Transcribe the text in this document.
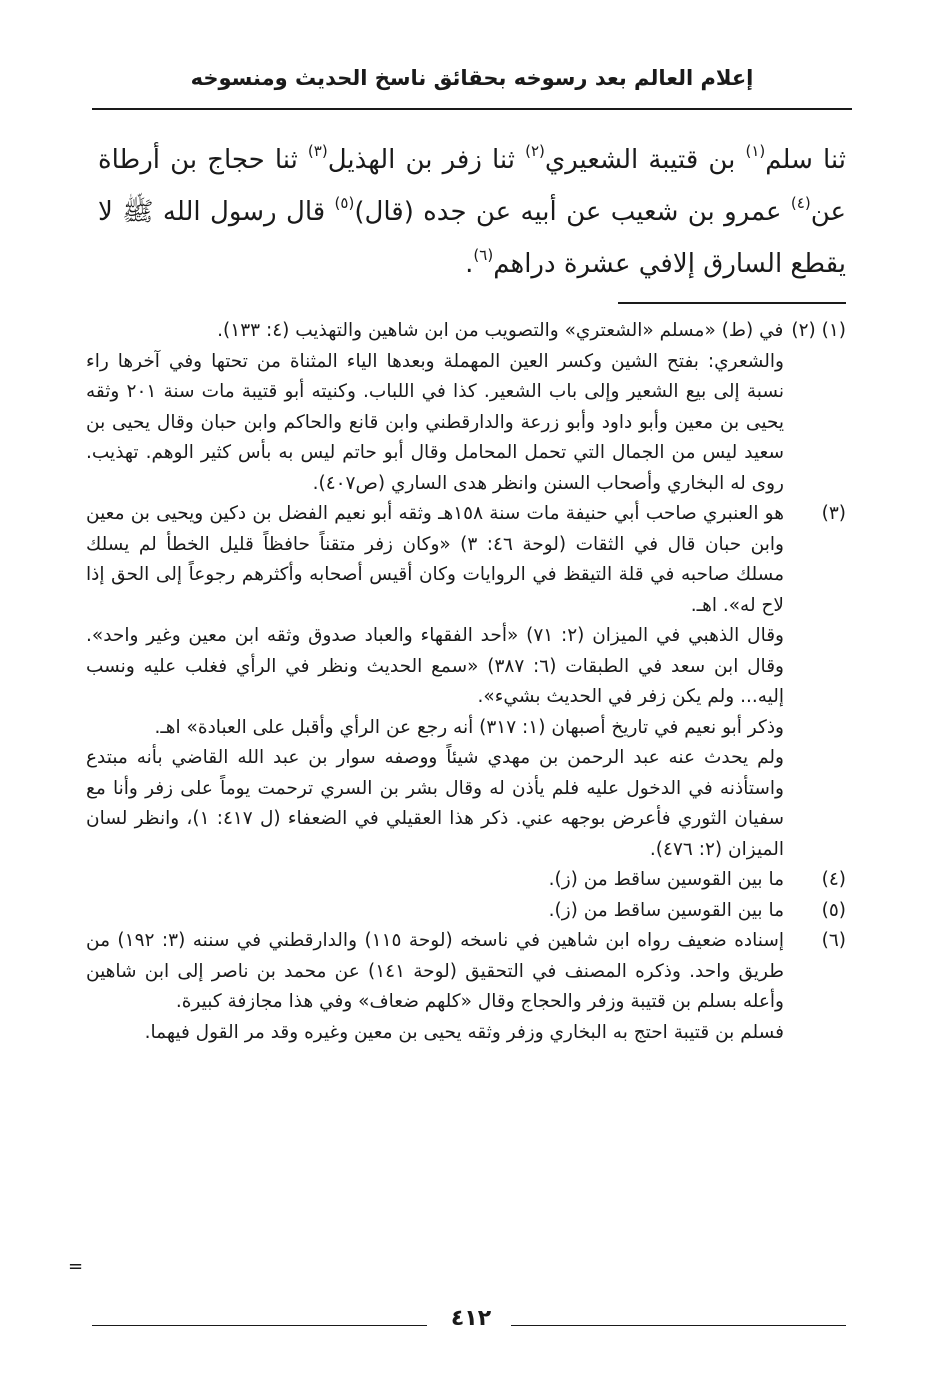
إعلام العالم بعد رسوخه بحقائق ناسخ الحديث ومنسوخه

ثنا سلم$^{(١)}$ بن قتيبة الشعيري$^{(٢)}$ ثنا زفر بن الهذيل$^{(٣)}$ ثنا حجاج بن أرطاة عن$^{(٤)}$ عمرو بن شعيب عن أبيه عن جده (قال)$^{(٥)}$ قال رسول الله ﷺ لا يقطع السارق إلافي عشرة دراهم$^{(٦)}$.

(١) (٢)

في (ط) «مسلم «الشعتري» والتصويب من ابن شاهين والتهذيب (٤: ١٣٣).

والشعري: بفتح الشين وكسر العين المهملة وبعدها الياء المثناة من تحتها وفي آخرها راء نسبة إلى بيع الشعير وإلى باب الشعير. كذا في اللباب. وكنيته أبو قتيبة مات سنة ٢٠١ وثقه يحيى بن معين وأبو داود وأبو زرعة والدارقطني وابن قانع والحاكم وابن حبان وقال يحيى بن سعيد ليس من الجمال التي تحمل المحامل وقال أبو حاتم ليس به بأس كثير الوهم. تهذيب. روى له البخاري وأصحاب السنن وانظر هدى الساري (ص٤٠٧).

(٣)

هو العنبري صاحب أبي حنيفة مات سنة ١٥٨هـ وثقه أبو نعيم الفضل بن دكين ويحيى بن معين وابن حبان قال في الثقات (لوحة ٤٦: ٣) «وكان زفر متقناً حافظاً قليل الخطأ لم يسلك مسلك صاحبه في قلة التيقظ في الروايات وكان أقيس أصحابه وأكثرهم رجوعاً إلى الحق إذا لاح له». اهـ.

وقال الذهبي في الميزان (٢: ٧١) «أحد الفقهاء والعباد صدوق وثقه ابن معين وغير واحد». وقال ابن سعد في الطبقات (٦: ٣٨٧) «سمع الحديث ونظر في الرأي فغلب عليه ونسب إليه... ولم يكن زفر في الحديث بشيء».

وذكر أبو نعيم في تاريخ أصبهان (١: ٣١٧) أنه رجع عن الرأي وأقبل على العبادة» اهـ.

ولم يحدث عنه عبد الرحمن بن مهدي شيئاً ووصفه سوار بن عبد الله القاضي بأنه مبتدع واستأذنه في الدخول عليه فلم يأذن له وقال بشر بن السري ترحمت يوماً على زفر وأنا مع سفيان الثوري فأعرض بوجهه عني. ذكر هذا العقيلي في الضعفاء (ل ٤١٧: ١)، وانظر لسان الميزان (٢: ٤٧٦).

(٤)

ما بين القوسين ساقط من (ز).

(٥)

ما بين القوسين ساقط من (ز).

(٦)

إسناده ضعيف رواه ابن شاهين في ناسخه (لوحة ١١٥) والدارقطني في سننه (٣: ١٩٢) من طريق واحد. وذكره المصنف في التحقيق (لوحة ١٤١) عن محمد بن ناصر إلى ابن شاهين وأعله بسلم بن قتيبة وزفر والحجاج وقال «كلهم ضعاف» وفي هذا مجازفة كبيرة.

فسلم بن قتيبة احتج به البخاري وزفر وثقه يحيى بن معين وغيره وقد مر القول فيهما.

=
٤١٢
